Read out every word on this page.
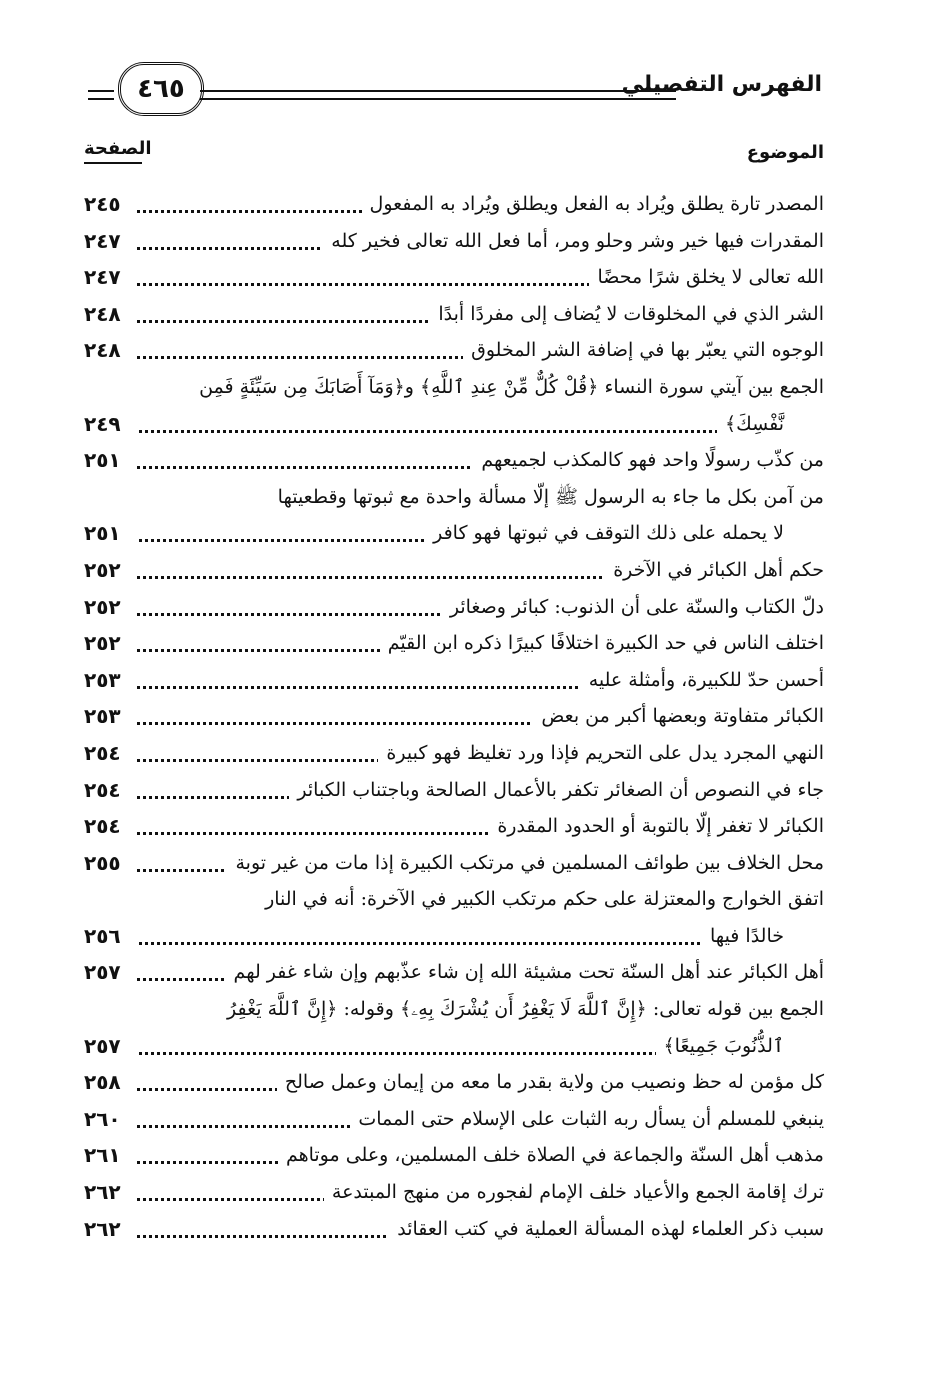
الفهرس التفصيلي
٤٦٥
الموضوع
الصفحة
المصدر تارة يطلق ويُراد به الفعل ويطلق ويُراد به المفعول
٢٤٥
المقدرات فيها خير وشر وحلو ومر، أما فعل الله تعالى فخير كله
٢٤٧
الله تعالى لا يخلق شرًا محضًا
٢٤٧
الشر الذي في المخلوقات لا يُضاف إلى مفردًا أبدًا
٢٤٨
الوجوه التي يعبّر بها في إضافة الشر المخلوق
٢٤٨
الجمع بين آيتي سورة النساء ﴿قُلْ كُلٌّ مِّنْ عِندِ ٱللَّهِ﴾ و﴿وَمَآ أَصَابَكَ مِن سَيِّئَةٍ فَمِن
نَّفْسِكَ﴾
٢٤٩
من كذّب رسولًا واحد فهو كالمكذب لجميعهم
٢٥١
من آمن بكل ما جاء به الرسول ﷺ إلّا مسألة واحدة مع ثبوتها وقطعيتها
لا يحمله على ذلك التوقف في ثبوتها فهو كافر
٢٥١
حكم أهل الكبائر في الآخرة
٢٥٢
دلّ الكتاب والسنّة على أن الذنوب: كبائر وصغائر
٢٥٢
اختلف الناس في حد الكبيرة اختلافًا كبيرًا ذكره ابن القيّم
٢٥٢
أحسن حدّ للكبيرة، وأمثلة عليه
٢٥٣
الكبائر متفاوتة وبعضها أكبر من بعض
٢٥٣
النهي المجرد يدل على التحريم فإذا ورد تغليظ فهو كبيرة
٢٥٤
جاء في النصوص أن الصغائر تكفر بالأعمال الصالحة وباجتناب الكبائر
٢٥٤
الكبائر لا تغفر إلّا بالتوبة أو الحدود المقدرة
٢٥٤
محل الخلاف بين طوائف المسلمين في مرتكب الكبيرة إذا مات من غير توبة
٢٥٥
اتفق الخوارج والمعتزلة على حكم مرتكب الكبير في الآخرة: أنه في النار
خالدًا فيها
٢٥٦
أهل الكبائر عند أهل السنّة تحت مشيئة الله إن شاء عذّبهم وإن شاء غفر لهم
٢٥٧
الجمع بين قوله تعالى: ﴿إِنَّ ٱللَّهَ لَا يَغْفِرُ أَن يُشْرَكَ بِهِۦ﴾ وقوله: ﴿إِنَّ ٱللَّهَ يَغْفِرُ
ٱلذُّنُوبَ جَمِيعًا﴾
٢٥٧
كل مؤمن له حظ ونصيب من ولاية بقدر ما معه من إيمان وعمل صالح
٢٥٨
ينبغي للمسلم أن يسأل ربه الثبات على الإسلام حتى الممات
٢٦٠
مذهب أهل السنّة والجماعة في الصلاة خلف المسلمين، وعلى موتاهم
٢٦١
ترك إقامة الجمع والأعياد خلف الإمام لفجوره من منهج المبتدعة
٢٦٢
سبب ذكر العلماء لهذه المسألة العملية في كتب العقائد
٢٦٢
